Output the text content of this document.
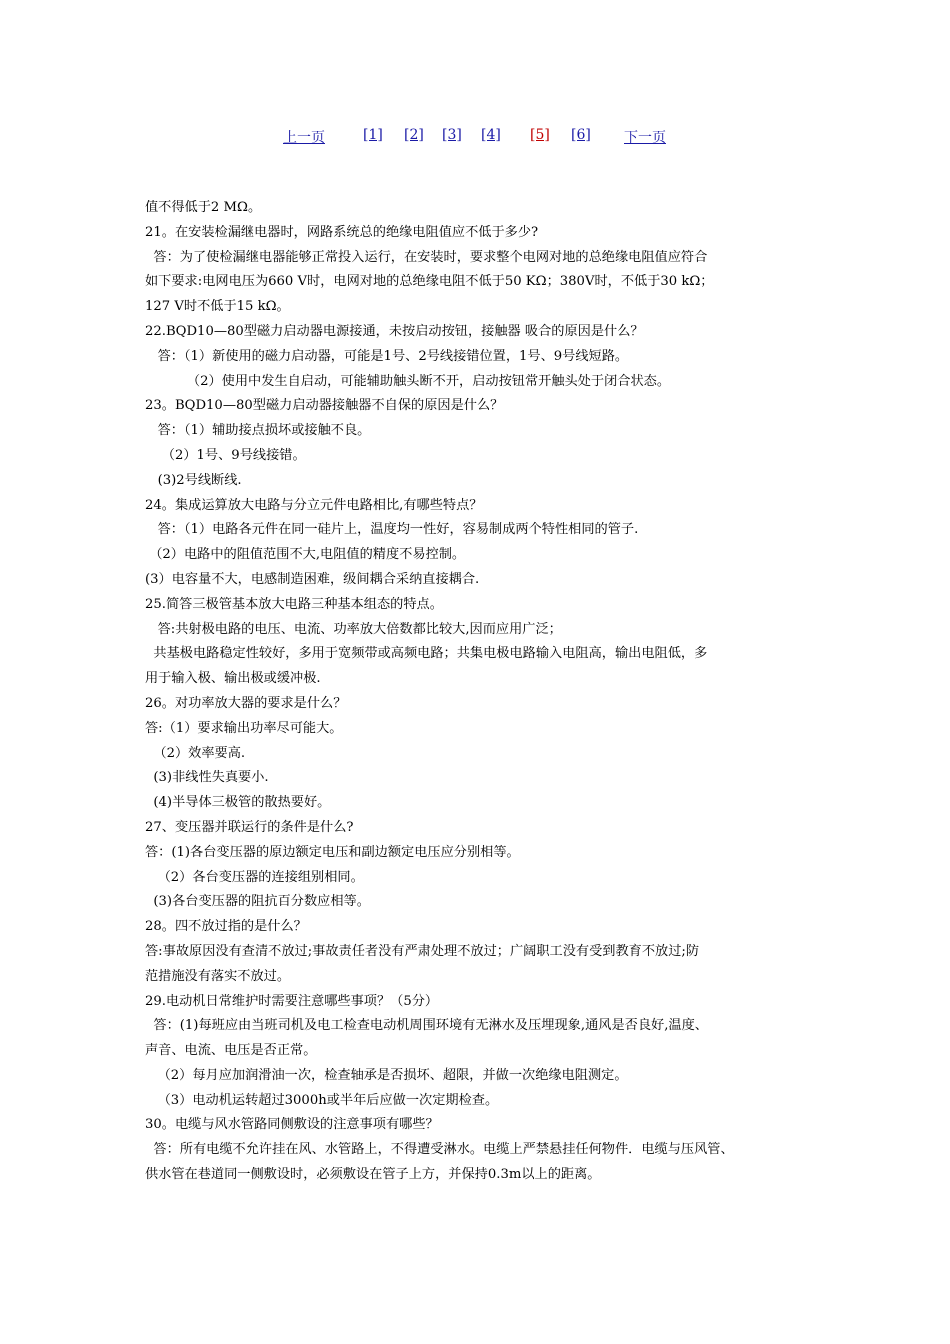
上一页	[1] [2] [3] [4] [5] [6] 下一页
值不得低于2 MΩ。
21。在安装检漏继电器时，网路系统总的绝缘电阻值应不低于多少?
答：为了使检漏继电器能够正常投入运行，在安装时，要求整个电网对地的总绝缘电阻值应符合
如下要求:电网电压为660 V时，电网对地的总绝缘电阻不低于50 KΩ；380V时，不低于30 kΩ；
127 V时不低于15 kΩ。
22.BQD10—80型磁力启动器电源接通，未按启动按钮，接触器 吸合的原因是什么？
答：（1）新使用的磁力启动器，可能是1号、2号线接错位置，1号、9号线短路。
（2）使用中发生自启动，可能辅助触头断不开，启动按钮常开触头处于闭合状态。
23。BQD10—80型磁力启动器接触器不自保的原因是什么？
答：（1）辅助接点损坏或接触不良。
（2）1号、9号线接错。
(3)2号线断线.
24。集成运算放大电路与分立元件电路相比,有哪些特点？
答：（1）电路各元件在同一硅片上，温度均一性好，容易制成两个特性相同的管子.
（2）电路中的阻值范围不大,电阻值的精度不易控制。
(3）电容量不大，电感制造困难，级间耦合采纳直接耦合.
25.简答三极管基本放大电路三种基本组态的特点。
答:共射极电路的电压、电流、功率放大倍数都比较大,因而应用广泛；
共基极电路稳定性较好，多用于宽频带或高频电路；共集电极电路输入电阻高，输出电阻低，多
用于输入极、输出极或缓冲极.
26。对功率放大器的要求是什么？
答:（1）要求输出功率尽可能大。
（2）效率要高.
(3)非线性失真要小.
(4)半导体三极管的散热要好。
27、变压器并联运行的条件是什么?
答：(1)各台变压器的原边额定电压和副边额定电压应分别相等。
（2）各台变压器的连接组别相同。
(3)各台变压器的阻抗百分数应相等。
28。四不放过指的是什么？
答:事故原因没有查清不放过;事故责任者没有严肃处理不放过；广阔职工没有受到教育不放过;防
范措施没有落实不放过。
29.电动机日常维护时需要注意哪些事项？（5分）
答：(1)每班应由当班司机及电工检查电动机周围环境有无淋水及压埋现象,通风是否良好,温度、
声音、电流、电压是否正常。
（2）每月应加润滑油一次，检查轴承是否损坏、超限，并做一次绝缘电阻测定。
（3）电动机运转超过3000h或半年后应做一次定期检查。
30。电缆与风水管路同侧敷设的注意事项有哪些？
答：所有电缆不允许挂在风、水管路上，不得遭受淋水。电缆上严禁悬挂任何物件．电缆与压风管、
供水管在巷道同一侧敷设时，必须敷设在管子上方，并保持0.3m以上的距离。
